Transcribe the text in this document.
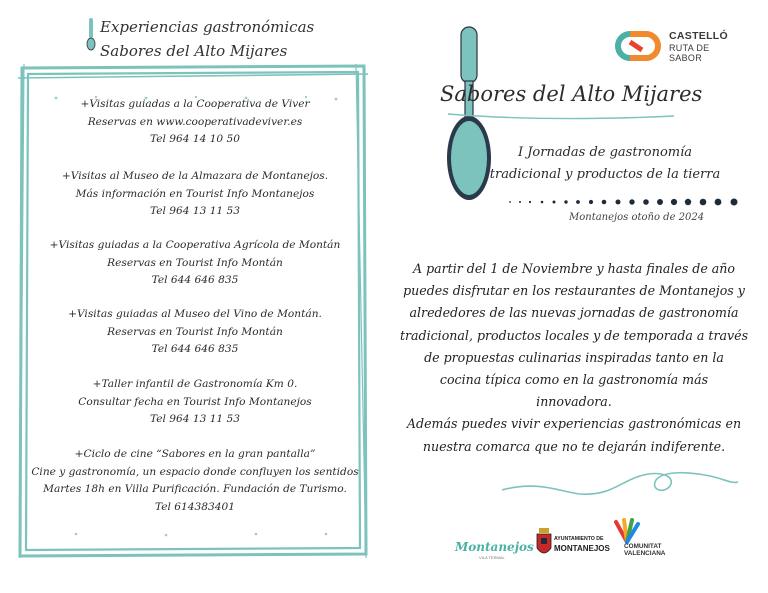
Experiencias gastronómicas
Sabores del Alto Mijares
+Visitas guiadas a la Cooperativa de Viver
Reservas en www.cooperativadeviver.es
Tel 964 14 10 50
+Visitas al Museo de la Almazara de Montanejos.
Más información en Tourist Info Montanejos
Tel 964 13 11 53
+Visitas guiadas a la Cooperativa Agrícola de Montán
Reservas en Tourist Info Montán
Tel 644 646 835
+Visitas guiadas al Museo del Vino de Montán.
Reservas en Tourist Info Montán
Tel 644 646 835
+Taller infantil de Gastronomía Km 0.
Consultar fecha en Tourist Info Montanejos
Tel 964 13 11 53
+Ciclo de cine “Sabores en la gran pantalla”
Cine y gastronomía, un espacio donde confluyen los sentidos
Martes 18h en Villa Purificación. Fundación de Turismo.
Tel 614383401
Sabores del Alto Mijares
I Jornadas de gastronomía
tradicional y productos de la tierra
Montanejos otoño de 2024
A partir del 1 de Noviembre y hasta finales de año
puedes disfrutar en los restaurantes de Montanejos y
alrededores de las nuevas jornadas de gastronomía
tradicional, productos locales y de temporada a través
de propuestas culinarias inspiradas tanto en la
cocina típica como en la gastronomía más
innovadora.
Además puedes vivir experiencias gastronómicas en
nuestra comarca que no te dejarán indiferente.
CASTELLÓ
RUTA DE
SABOR
Montanejos
VILA TERMAL
AYUNTAMIENTO DE
MONTANEJOS COMUNITAT
VALENCIANA
